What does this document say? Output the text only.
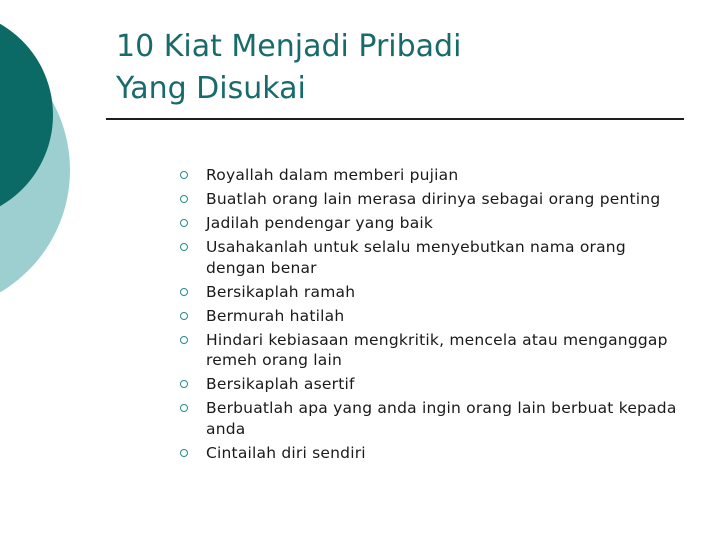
10 Kiat Menjadi Pribadi
Yang Disukai
Royallah dalam memberi pujian
Buatlah orang lain merasa dirinya sebagai orang penting
Jadilah pendengar yang baik
Usahakanlah untuk selalu menyebutkan nama orang dengan benar
Bersikaplah ramah
Bermurah hatilah
Hindari kebiasaan mengkritik, mencela atau menganggap remeh orang lain
Bersikaplah asertif
Berbuatlah apa yang anda ingin orang lain berbuat kepada anda
Cintailah diri sendiri
